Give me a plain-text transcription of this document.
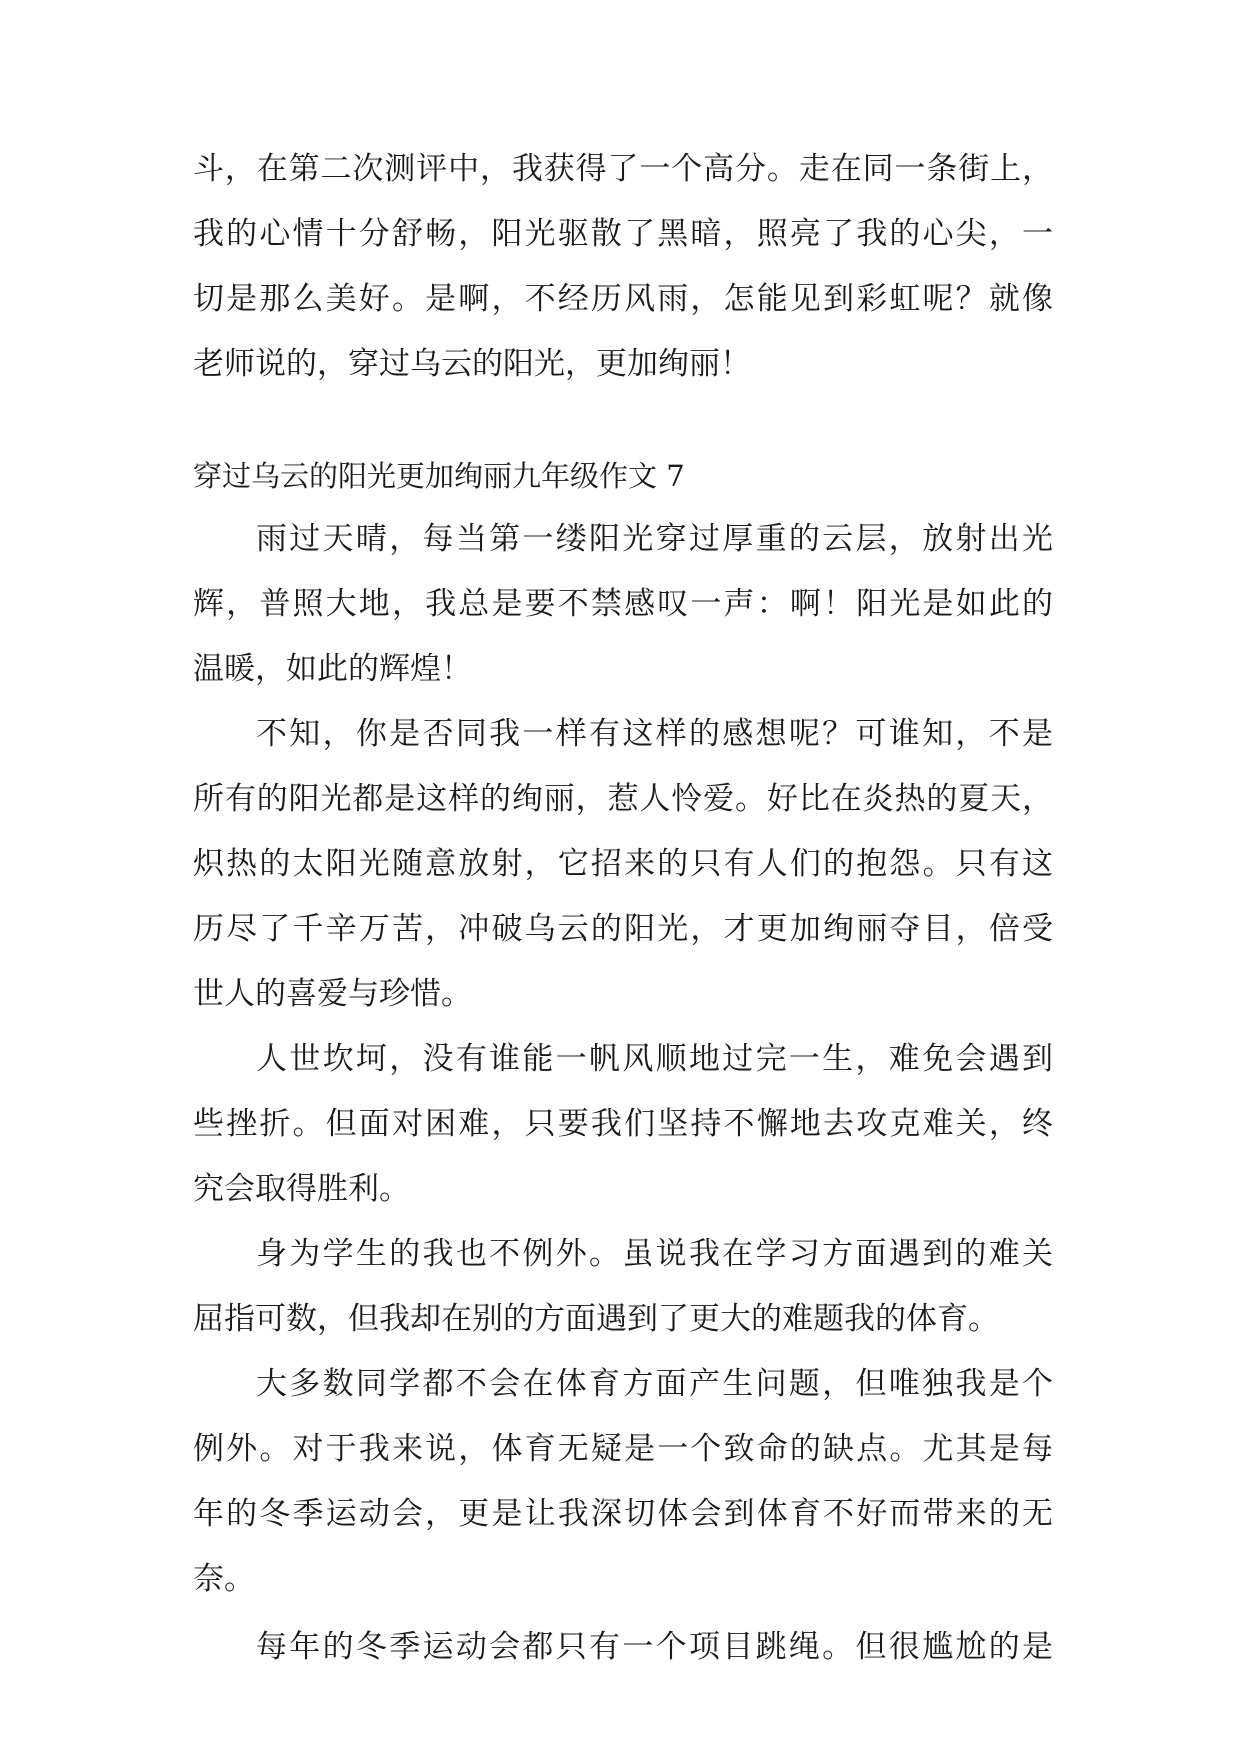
斗，在第二次测评中，我获得了一个高分。走在同一条街上，

我的心情十分舒畅，阳光驱散了黑暗，照亮了我的心尖，一

切是那么美好。是啊，不经历风雨，怎能见到彩虹呢？就像

老师说的，穿过乌云的阳光，更加绚丽！

穿过乌云的阳光更加绚丽九年级作文 7

雨过天晴，每当第一缕阳光穿过厚重的云层，放射出光

辉，普照大地，我总是要不禁感叹一声：啊！阳光是如此的

温暖，如此的辉煌！

不知，你是否同我一样有这样的感想呢？可谁知，不是

所有的阳光都是这样的绚丽，惹人怜爱。好比在炎热的夏天，

炽热的太阳光随意放射，它招来的只有人们的抱怨。只有这

历尽了千辛万苦，冲破乌云的阳光，才更加绚丽夺目，倍受

世人的喜爱与珍惜。

人世坎坷，没有谁能一帆风顺地过完一生，难免会遇到

些挫折。但面对困难，只要我们坚持不懈地去攻克难关，终

究会取得胜利。

身为学生的我也不例外。虽说我在学习方面遇到的难关

屈指可数，但我却在别的方面遇到了更大的难题我的体育。

大多数同学都不会在体育方面产生问题，但唯独我是个

例外。对于我来说，体育无疑是一个致命的缺点。尤其是每

年的冬季运动会，更是让我深切体会到体育不好而带来的无

奈。

每年的冬季运动会都只有一个项目跳绳。但很尴尬的是
